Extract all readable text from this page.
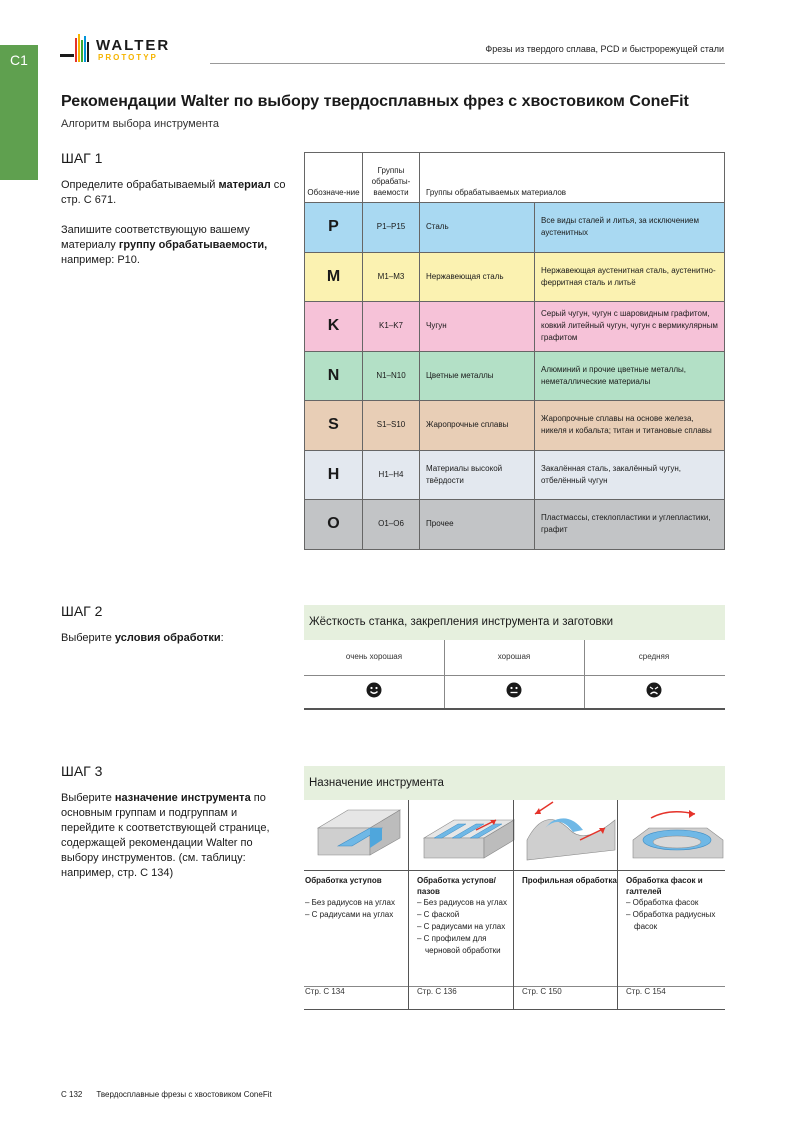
C1
WALTER
PROTOTYP
Фрезы из твердого сплава, PCD и быстрорежущей стали
Рекомендации Walter по выбору твердосплавных фрез с хвостовиком ConeFit
Алгоритм выбора инструмента
ШАГ 1

Определите обрабатываемый материал со стр. C 671.

Запишите соответствующую вашему материалу группу обрабатываемости, например: P10.

Обозначе-ние	Группы обрабаты-ваемости	Группы обрабатываемых материалов	
P	P1–P15	Сталь	Все виды сталей и литья, за исключением аустенитных
M	M1–M3	Нержавеющая сталь	Нержавеющая аустенитная сталь, аустенитно-ферритная сталь и литьё
K	K1–K7	Чугун	Серый чугун, чугун с шаровидным графитом, ковкий литейный чугун, чугун с вермикулярным графитом
N	N1–N10	Цветные металлы	Алюминий и прочие цветные металлы, неметаллические материалы
S	S1–S10	Жаропрочные сплавы	Жаропрочные сплавы на основе железа, никеля и кобальта; титан и титановые сплавы
H	H1–H4	Материалы высокой твёрдости	Закалённая сталь, закалённый чугун, отбелённый чугун
O	O1–O6	Прочее	Пластмассы, стеклопластики и углепластики, графит
ШАГ 2
Выберите условия обработки:
Жёсткость станка, закрепления инструмента и заготовки
очень хорошая	хорошая	средняя
ШАГ 3
Выберите назначение инструмента по основным группам и подгруппам и перейдите к соответствующей странице, содержащей рекомендации Walter по выбору инструментов. (см. таблицу: например, стр. C 134)
Назначение инструмента
Обработка уступов
– Без радиусов на углах
– С радиусами на углах
Стр. C 134
Обработка уступов/ пазов
– Без радиусов на углах
– С фаской
– С радиусами на углах
– С профилем для черновой обработки
Стр. C 136
Профильная обработка
Стр. C 150
Обработка фасок и галтелей
– Обработка фасок
– Обработка радиусных фасок
Стр. C 154
C 132 Твердосплавные фрезы с хвостовиком ConeFit
